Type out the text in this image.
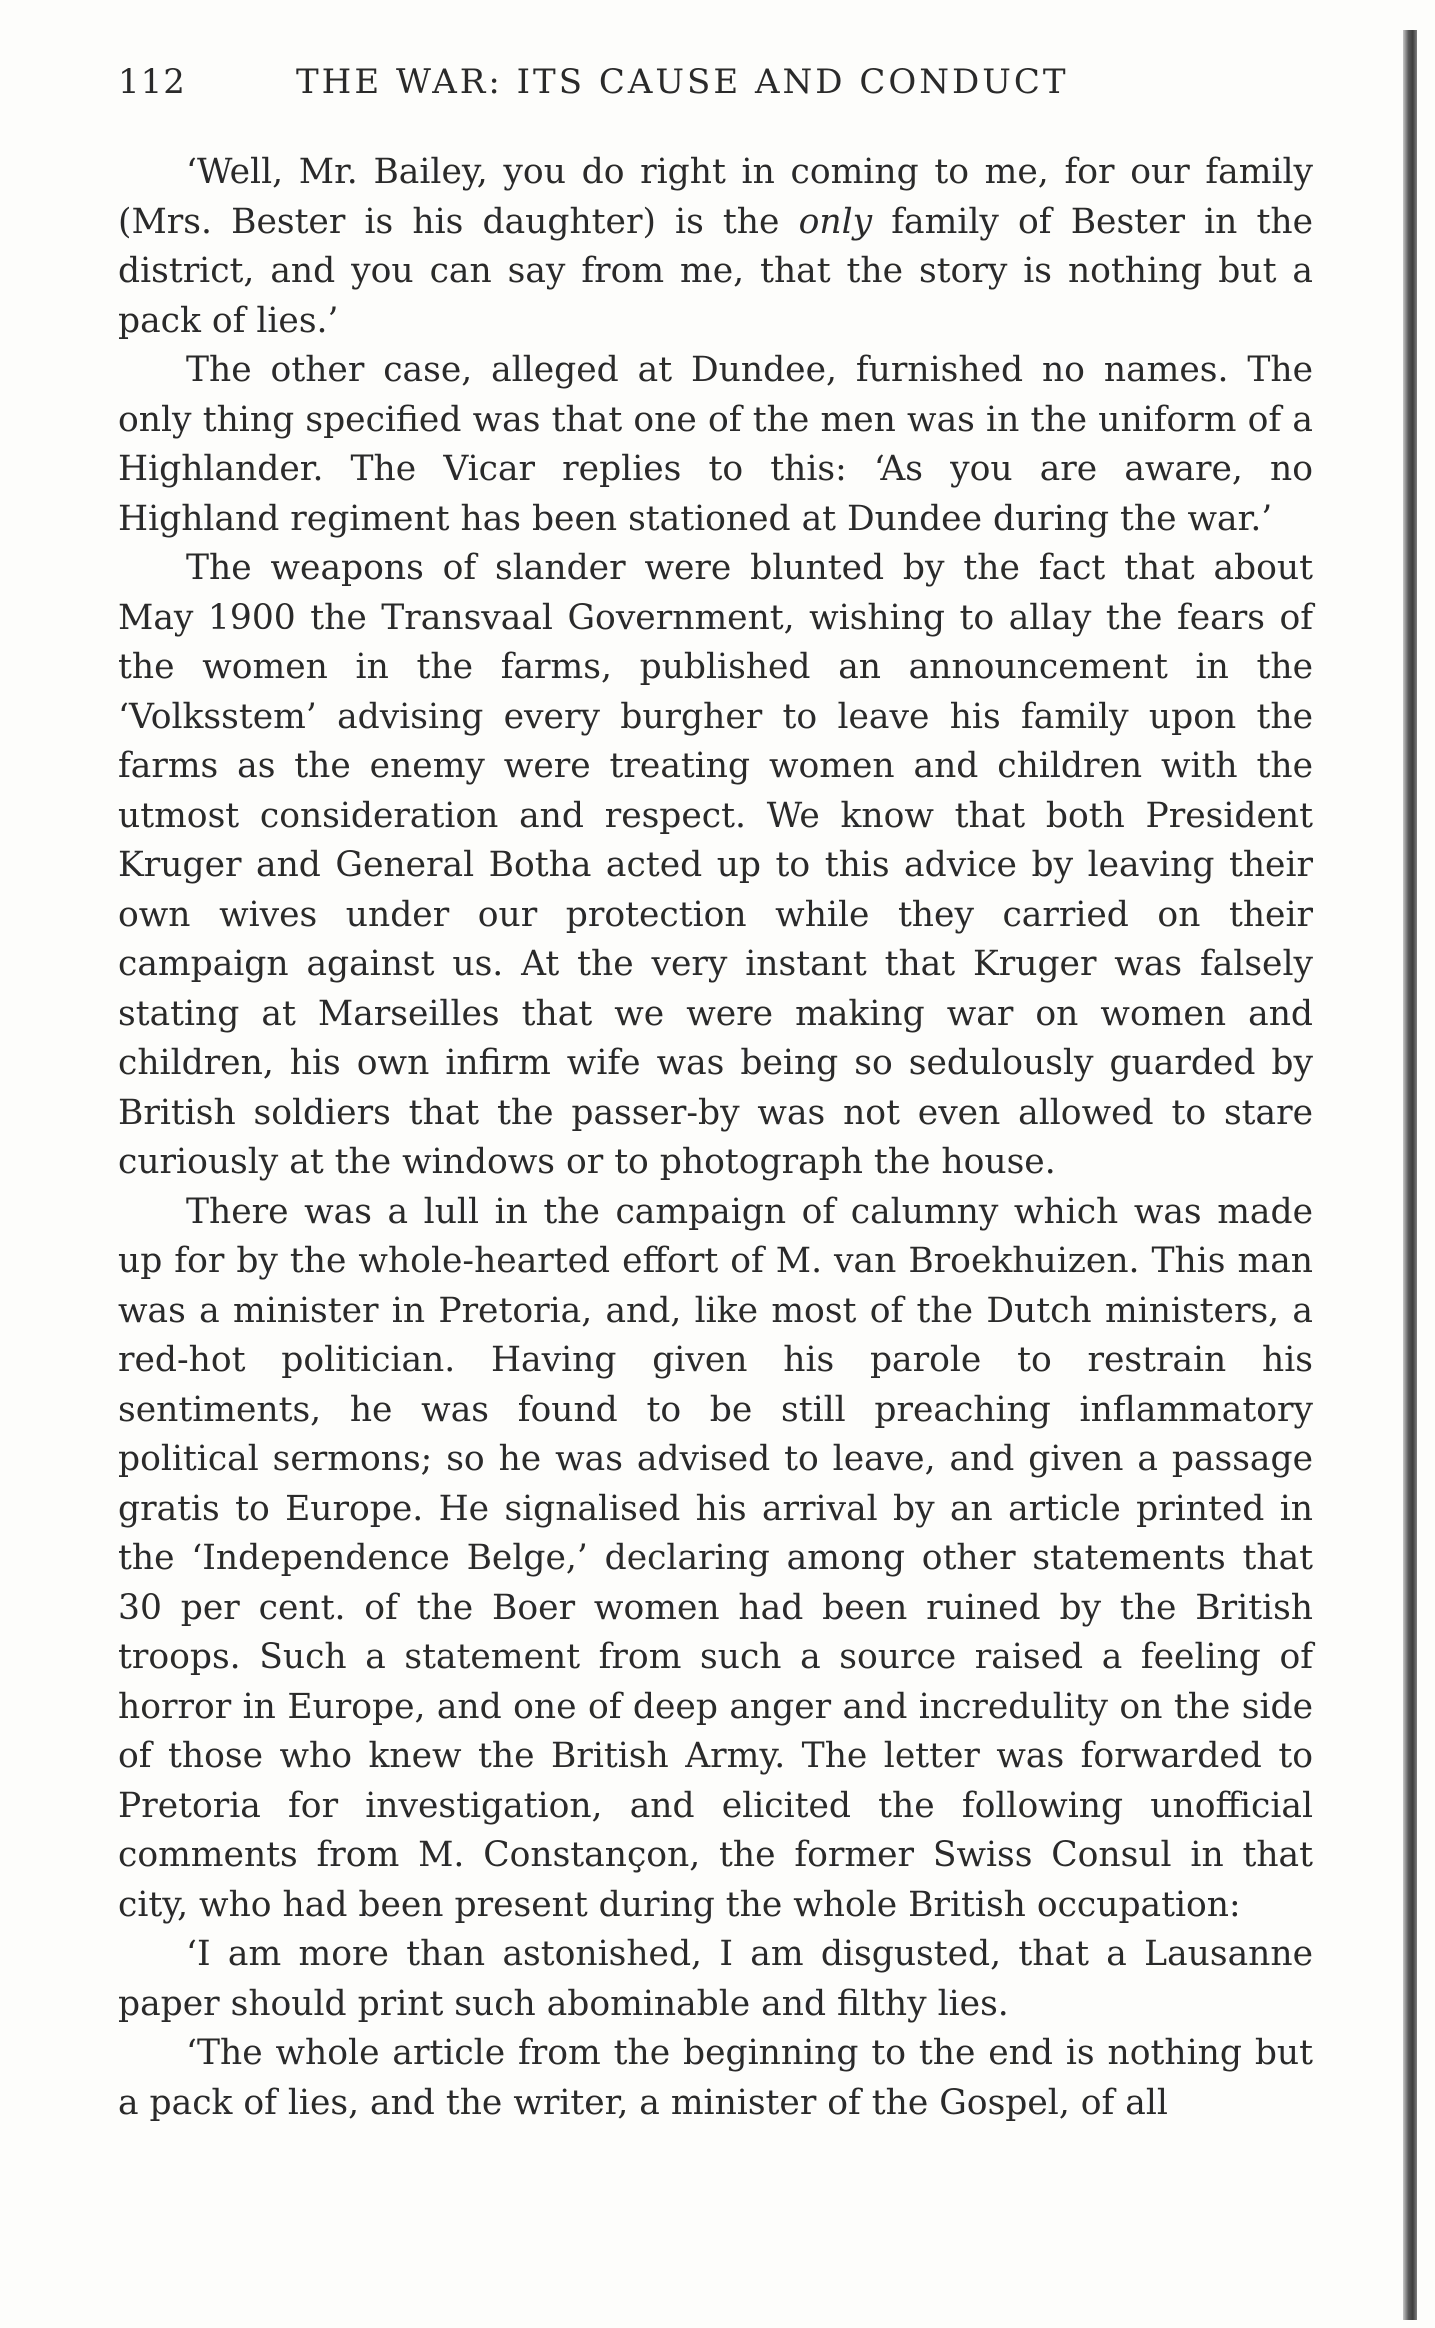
112	THE WAR: ITS CAUSE AND CONDUCT

‘Well, Mr. Bailey, you do right in coming to me, for our family (Mrs. Bester is his daughter) is the only family of Bester in the district, and you can say from me, that the story is nothing but a pack of lies.’

The other case, alleged at Dundee, furnished no names. The only thing specified was that one of the men was in the uniform of a Highlander. The Vicar replies to this: ‘As you are aware, no Highland regiment has been stationed at Dundee during the war.’

The weapons of slander were blunted by the fact that about May 1900 the Transvaal Government, wishing to allay the fears of the women in the farms, published an announcement in the ‘Volksstem’ advising every burgher to leave his family upon the farms as the enemy were treating women and children with the utmost consideration and respect. We know that both President Kruger and General Botha acted up to this advice by leaving their own wives under our protection while they carried on their campaign against us. At the very instant that Kruger was falsely stating at Marseilles that we were making war on women and children, his own infirm wife was being so sedulously guarded by British soldiers that the passer-by was not even allowed to stare curiously at the windows or to photograph the house.

There was a lull in the campaign of calumny which was made up for by the whole-hearted effort of M. van Broekhuizen. This man was a minister in Pretoria, and, like most of the Dutch ministers, a red-hot politician. Having given his parole to restrain his sentiments, he was found to be still preaching inflammatory political sermons; so he was advised to leave, and given a passage gratis to Europe. He signalised his arrival by an article printed in the ‘Independence Belge,’ declaring among other statements that 30 per cent. of the Boer women had been ruined by the British troops. Such a statement from such a source raised a feeling of horror in Europe, and one of deep anger and incredulity on the side of those who knew the British Army. The letter was forwarded to Pretoria for investigation, and elicited the following unofficial comments from M. Constançon, the former Swiss Consul in that city, who had been present during the whole British occupation:

‘I am more than astonished, I am disgusted, that a Lausanne paper should print such abominable and filthy lies.

‘The whole article from the beginning to the end is nothing but a pack of lies, and the writer, a minister of the Gospel, of all
